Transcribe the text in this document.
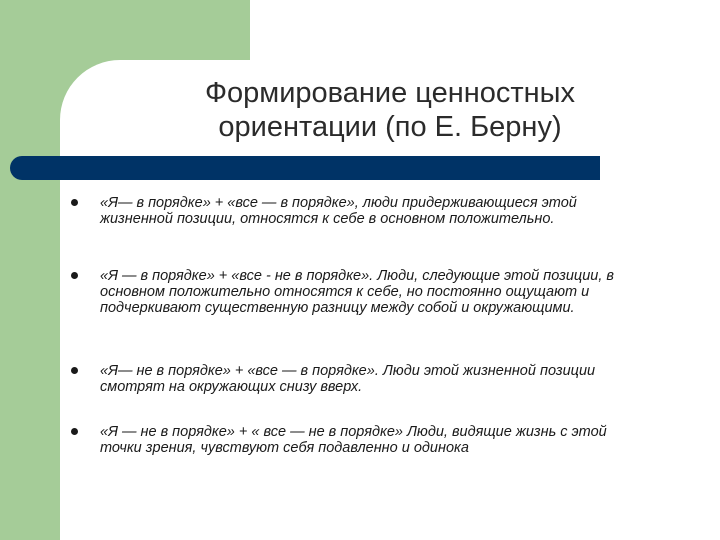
Формирование ценностных
ориентации (по Е. Берну)
«Я— в порядке» + «все — в порядке», люди придерживающиеся этой жизненной позиции, относятся к себе в основном положительно.
«Я — в порядке» + «все - не в порядке». Люди, следующие этой позиции, в основном положительно относятся к себе, но постоянно ощущают и подчеркивают существенную разницу между собой и окружающими.
«Я— не в порядке» + «все — в порядке». Люди этой жизненной позиции смотрят на окружающих снизу вверх.
«Я — не в порядке» + « все — не в порядке» Люди, видящие жизнь с этой точки зрения, чувствуют себя подавленно и одинока
